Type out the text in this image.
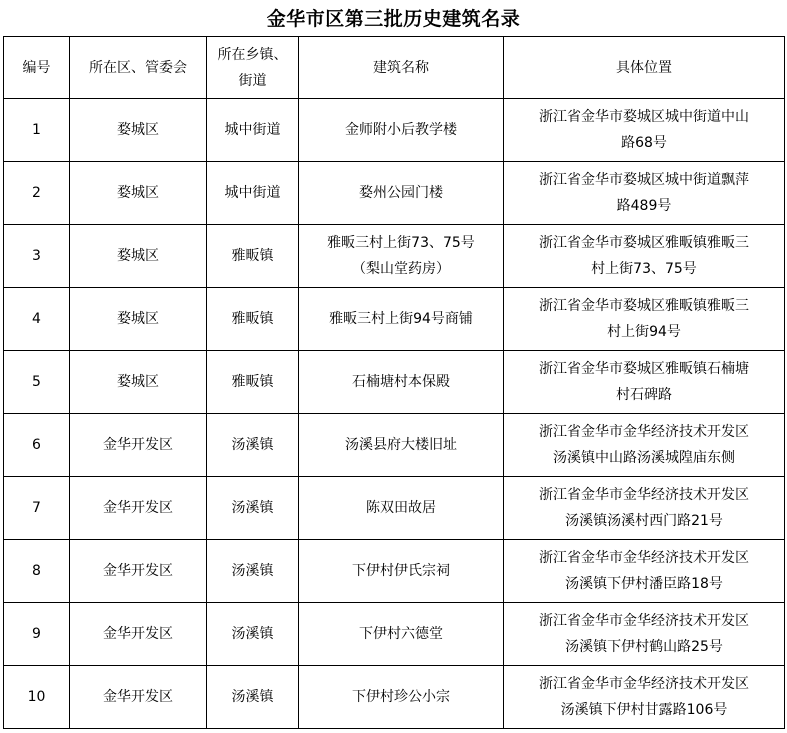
金华市区第三批历史建筑名录
编号	所在区、管委会	所在乡镇、
街道	建筑名称	具体位置
1	婺城区	城中街道	金师附小后教学楼	浙江省金华市婺城区城中街道中山
路68号

2	婺城区	城中街道	婺州公园门楼	浙江省金华市婺城区城中街道飘萍
路489号

3	婺城区	雅畈镇	雅畈三村上街73、75号
（梨山堂药房）	浙江省金华市婺城区雅畈镇雅畈三
村上街73、75号

4	婺城区	雅畈镇	雅畈三村上街94号商铺	浙江省金华市婺城区雅畈镇雅畈三
村上街94号

5	婺城区	雅畈镇	石楠塘村本保殿	浙江省金华市婺城区雅畈镇石楠塘
村石碑路

6	金华开发区	汤溪镇	汤溪县府大楼旧址	浙江省金华市金华经济技术开发区
汤溪镇中山路汤溪城隍庙东侧

7	金华开发区	汤溪镇	陈双田故居	浙江省金华市金华经济技术开发区
汤溪镇汤溪村西门路21号

8	金华开发区	汤溪镇	下伊村伊氏宗祠	浙江省金华市金华经济技术开发区
汤溪镇下伊村潘臣路18号

9	金华开发区	汤溪镇	下伊村六德堂	浙江省金华市金华经济技术开发区
汤溪镇下伊村鹤山路25号

10	金华开发区	汤溪镇	下伊村珍公小宗	浙江省金华市金华经济技术开发区
汤溪镇下伊村甘露路106号
